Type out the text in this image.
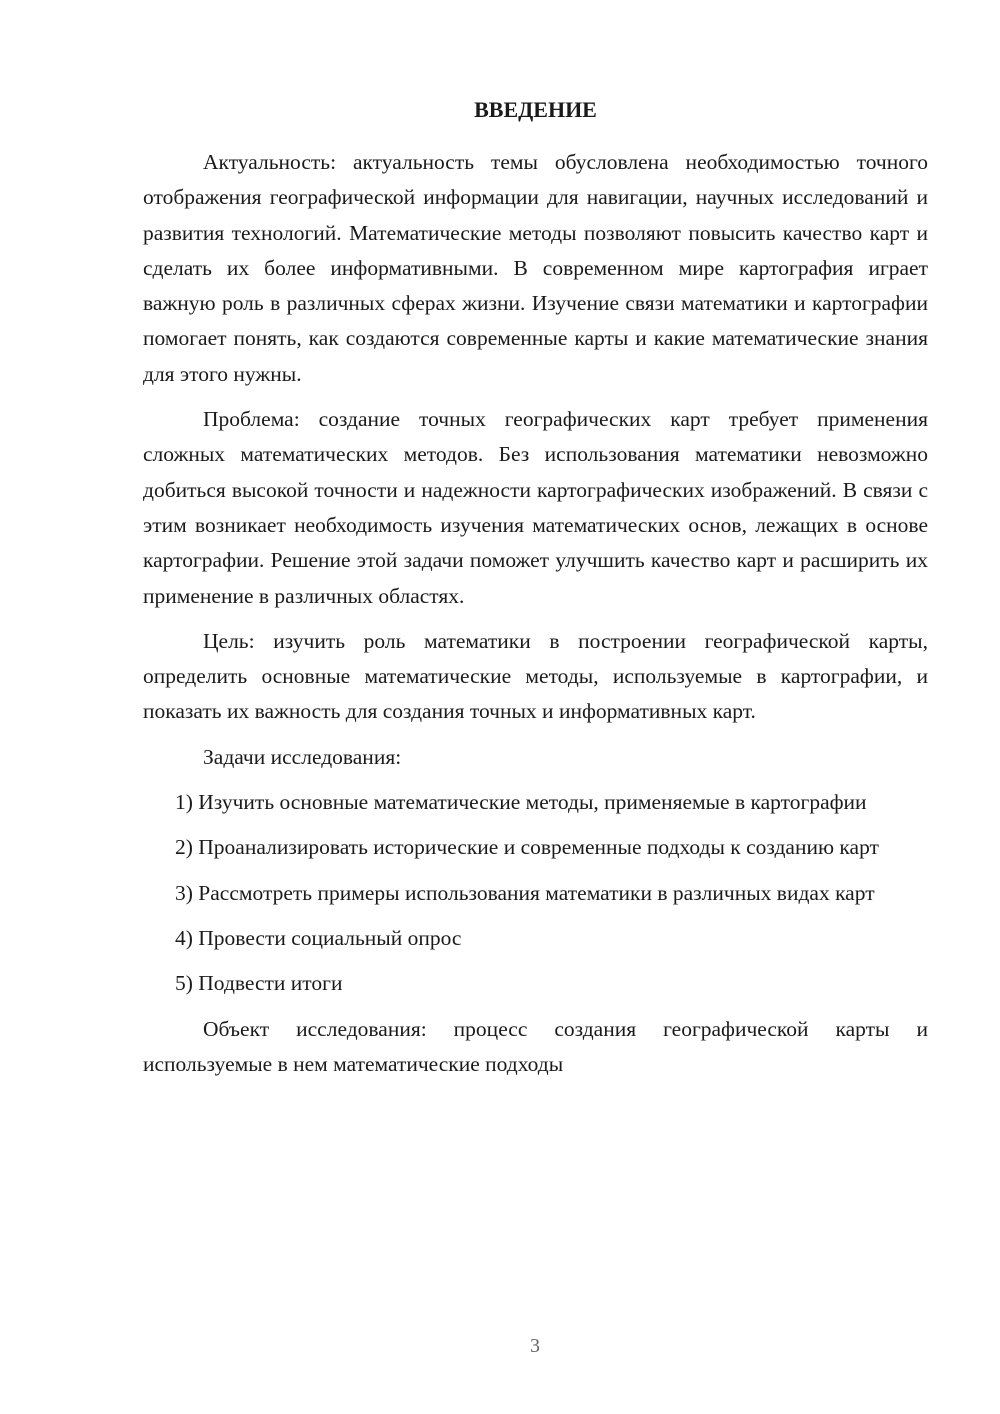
ВВЕДЕНИЕ

Актуальность: актуальность темы обусловлена необходимостью точного отображения географической информации для навигации, научных исследований и развития технологий. Математические методы позволяют повысить качество карт и сделать их более информативными. В современном мире картография играет важную роль в различных сферах жизни. Изучение связи математики и картографии помогает понять, как создаются современные карты и какие математические знания для этого нужны.

Проблема: создание точных географических карт требует применения сложных математических методов. Без использования математики невозможно добиться высокой точности и надежности картографических изображений. В связи с этим возникает необходимость изучения математических основ, лежащих в основе картографии. Решение этой задачи поможет улучшить качество карт и расширить их применение в различных областях.

Цель: изучить роль математики в построении географической карты, определить основные математические методы, используемые в картографии, и показать их важность для создания точных и информативных карт.

Задачи исследования:

1) Изучить основные математические методы, применяемые в картографии

2) Проанализировать исторические и современные подходы к созданию карт

3) Рассмотреть примеры использования математики в различных видах карт

4) Провести социальный опрос

5) Подвести итоги

Объект исследования: процесс создания географической карты и используемые в нем математические подходы

3
